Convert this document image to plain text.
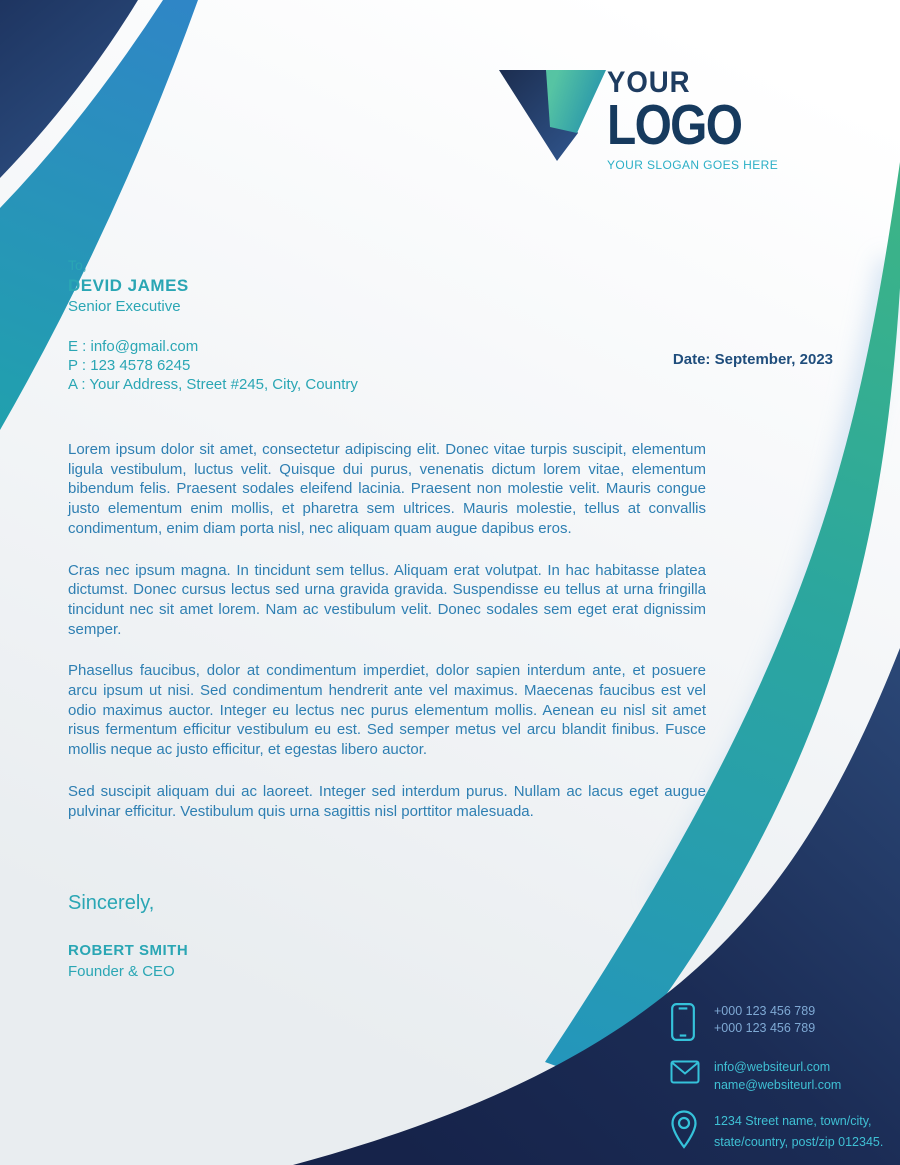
YOUR
LOGO
YOUR SLOGAN GOES HERE
To,
DEVID JAMES
Senior Executive
E : info@gmail.com
P : 123 4578 6245
A : Your Address, Street #245, City, Country
Date: September, 2023

Lorem ipsum dolor sit amet, consectetur adipiscing elit. Donec vitae turpis suscipit, elementum ligula vestibulum, luctus velit. Quisque dui purus, venenatis dictum lorem vitae, elementum bibendum felis. Praesent sodales eleifend lacinia. Praesent non molestie velit. Mauris congue justo elementum enim mollis, et pharetra sem ultrices. Mauris molestie, tellus at convallis condimentum, enim diam porta nisl, nec aliquam quam augue dapibus eros.

Cras nec ipsum magna. In tincidunt sem tellus. Aliquam erat volutpat. In hac habitasse platea dictumst. Donec cursus lectus sed urna gravida gravida. Suspendisse eu tellus at urna fringilla tincidunt nec sit amet lorem. Nam ac vestibulum velit. Donec sodales sem eget erat dignissim semper.

Phasellus faucibus, dolor at condimentum imperdiet, dolor sapien interdum ante, et posuere arcu ipsum ut nisi. Sed condimentum hendrerit ante vel maximus. Maecenas faucibus est vel odio maximus auctor. Integer eu lectus nec purus elementum mollis. Aenean eu nisl sit amet risus fermentum efficitur vestibulum eu est. Sed semper metus vel arcu blandit finibus. Fusce mollis neque ac justo efficitur, et egestas libero auctor.

Sed suscipit aliquam dui ac laoreet. Integer sed interdum purus. Nullam ac lacus eget augue pulvinar efficitur. Vestibulum quis urna sagittis nisl porttitor malesuada.

Sincerely,
ROBERT SMITH
Founder & CEO
+000 123 456 789
+000 123 456 789
info@websiteurl.com
name@websiteurl.com
1234 Street name, town/city,
state/country, post/zip 012345.
